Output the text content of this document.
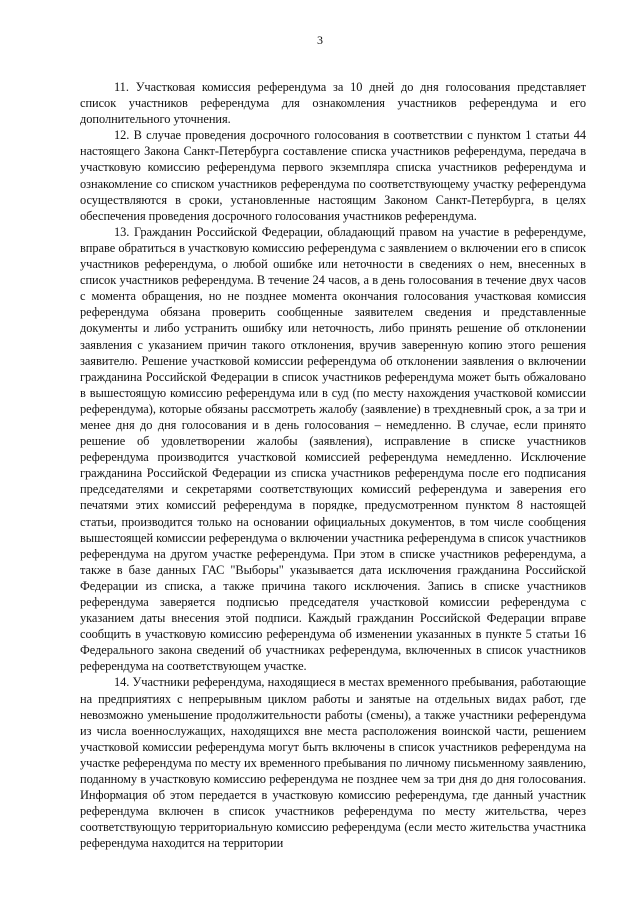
3

11. Участковая комиссия референдума за 10 дней до дня голосования представляет список участников референдума для ознакомления участников референдума и его дополнительного уточнения.

12. В случае проведения досрочного голосования в соответствии с пунктом 1 статьи 44 настоящего Закона Санкт-Петербурга составление списка участников референдума, передача в участковую комиссию референдума первого экземпляра списка участников референдума и ознакомление со списком участников референдума по соответствующему участку референдума осуществляются в сроки, установленные настоящим Законом Санкт-Петербурга, в целях обеспечения проведения досрочного голосования участников референдума.

13. Гражданин Российской Федерации, обладающий правом на участие в референдуме, вправе обратиться в участковую комиссию референдума с заявлением о включении его в список участников референдума, о любой ошибке или неточности в сведениях о нем, внесенных в список участников референдума. В течение 24 часов, а в день голосования в течение двух часов с момента обращения, но не позднее момента окончания голосования участковая комиссия референдума обязана проверить сообщенные заявителем сведения и представленные документы и либо устранить ошибку или неточность, либо принять решение об отклонении заявления с указанием причин такого отклонения, вручив заверенную копию этого решения заявителю. Решение участковой комиссии референдума об отклонении заявления о включении гражданина Российской Федерации в список участников референдума может быть обжаловано в вышестоящую комиссию референдума или в суд (по месту нахождения участковой комиссии референдума), которые обязаны рассмотреть жалобу (заявление) в трехдневный срок, а за три и менее дня до дня голосования и в день голосования – немедленно. В случае, если принято решение об удовлетворении жалобы (заявления), исправление в списке участников референдума производится участковой комиссией референдума немедленно. Исключение гражданина Российской Федерации из списка участников референдума после его подписания председателями и секретарями соответствующих комиссий референдума и заверения его печатями этих комиссий референдума в порядке, предусмотренном пунктом 8 настоящей статьи, производится только на основании официальных документов, в том числе сообщения вышестоящей комиссии референдума о включении участника референдума в список участников референдума на другом участке референдума. При этом в списке участников референдума, а также в базе данных ГАС "Выборы" указывается дата исключения гражданина Российской Федерации из списка, а также причина такого исключения. Запись в списке участников референдума заверяется подписью председателя участковой комиссии референдума с указанием даты внесения этой подписи. Каждый гражданин Российской Федерации вправе сообщить в участковую комиссию референдума об изменении указанных в пункте 5 статьи 16 Федерального закона сведений об участниках референдума, включенных в список участников референдума на соответствующем участке.

14. Участники референдума, находящиеся в местах временного пребывания, работающие на предприятиях с непрерывным циклом работы и занятые на отдельных видах работ, где невозможно уменьшение продолжительности работы (смены), а также участники референдума из числа военнослужащих, находящихся вне места расположения воинской части, решением участковой комиссии референдума могут быть включены в список участников референдума на участке референдума по месту их временного пребывания по личному письменному заявлению, поданному в участковую комиссию референдума не позднее чем за три дня до дня голосования. Информация об этом передается в участковую комиссию референдума, где данный участник референдума включен в список участников референдума по месту жительства, через соответствующую территориальную комиссию референдума (если место жительства участника референдума находится на территории
